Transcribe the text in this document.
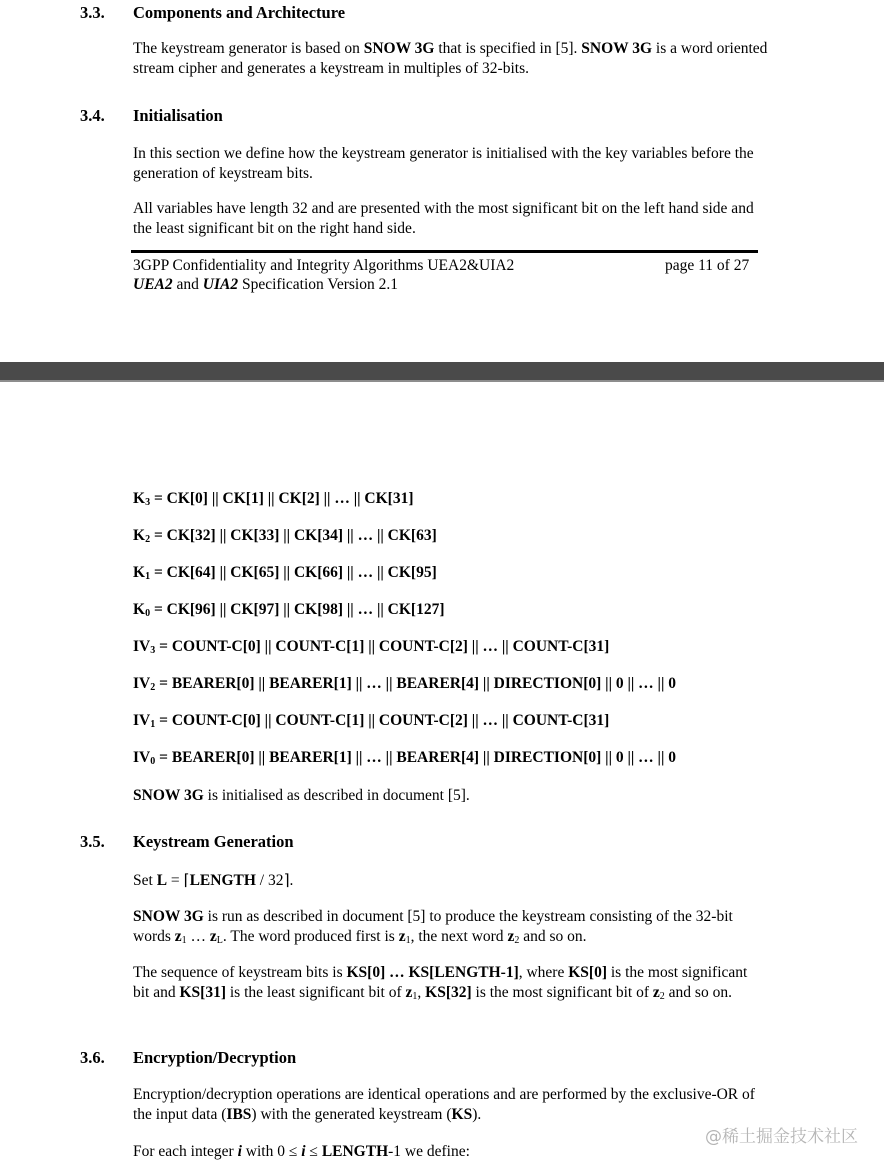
3.3. Components and Architecture
The keystream generator is based on SNOW 3G that is specified in [5]. SNOW 3G is a word oriented stream cipher and generates a keystream in multiples of 32-bits.
3.4. Initialisation
In this section we define how the keystream generator is initialised with the key variables before the generation of keystream bits.
All variables have length 32 and are presented with the most significant bit on the left hand side and the least significant bit on the right hand side.
3GPP Confidentiality and Integrity Algorithms UEA2&UIA2	page 11 of 27
UEA2 and UIA2 Specification Version 2.1
$K_3 = CK[0]$ || CK[1] || CK[2] || … || CK[31]
$K_2 = CK[32]$ || CK[33] || CK[34] || … || CK[63]
$K_1 = CK[64]$ || CK[65] || CK[66] || … || CK[95]
$K_0 = CK[96]$ || CK[97] || CK[98] || … || CK[127]
$IV_3$ = COUNT-C[0] || COUNT-C[1] || COUNT-C[2] || … || COUNT-C[31]
$IV_2$ = BEARER[0] || BEARER[1] || … || BEARER[4] || DIRECTION[0] || 0 || … || 0
$IV_1$ = COUNT-C[0] || COUNT-C[1] || COUNT-C[2] || … || COUNT-C[31]
$IV_0$ = BEARER[0] || BEARER[1] || … || BEARER[4] || DIRECTION[0] || 0 || … || 0
SNOW 3G is initialised as described in document [5].
3.5. Keystream Generation
Set L = ⌈LENGTH / 32⌉.
SNOW 3G is run as described in document [5] to produce the keystream consisting of the 32-bit words $z_1$ … $z_L$. The word produced first is $z_1$, the next word $z_2$ and so on.
The sequence of keystream bits is KS[0] … KS[LENGTH-1], where KS[0] is the most significant bit and KS[31] is the least significant bit of $z_1$, KS[32] is the most significant bit of $z_2$ and so on.
3.6. Encryption/Decryption
Encryption/decryption operations are identical operations and are performed by the exclusive-OR of the input data (IBS) with the generated keystream (KS).
For each integer i with 0 ≤ i ≤ LENGTH-1 we define:
@稀土掘金技术社区
